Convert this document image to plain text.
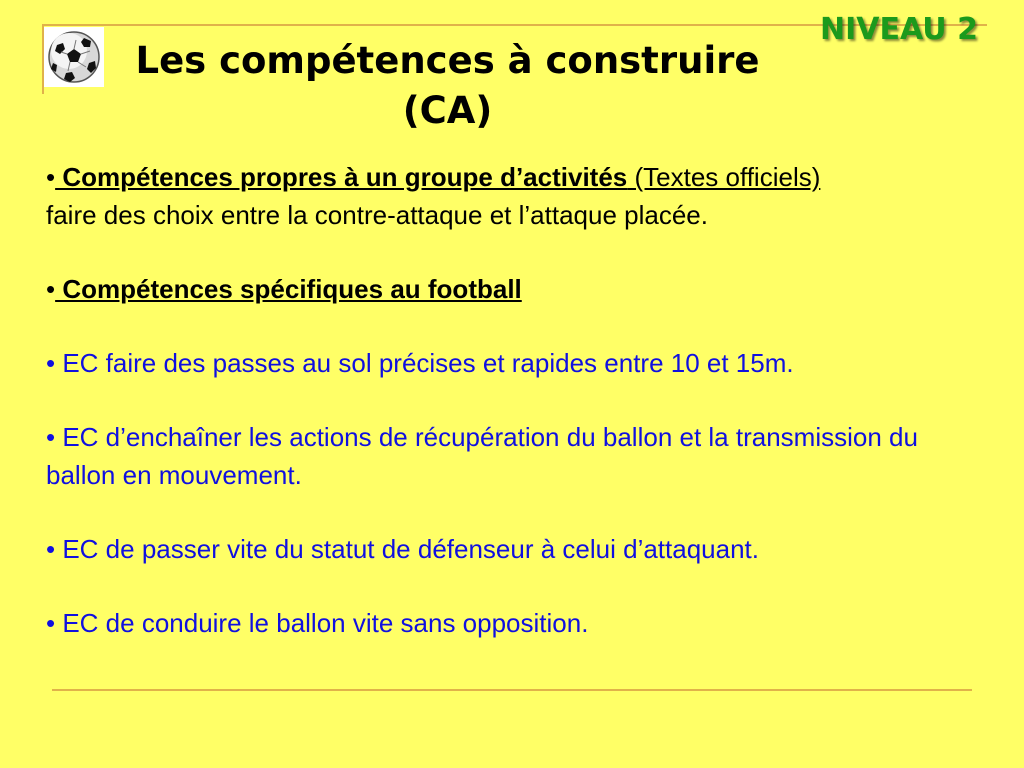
Les compétences à construire
(CA)
NIVEAU 2

• Compétences propres à un groupe d’activités (Textes officiels)

faire des choix entre la contre-attaque et l’attaque placée.

• Compétences spécifiques au football

• EC faire des passes au sol précises et rapides entre 10 et 15m.

• EC d’enchaîner les actions de récupération du ballon et la transmission du ballon en mouvement.

• EC de passer vite du statut de défenseur à celui d’attaquant.

• EC de conduire le ballon vite sans opposition.
